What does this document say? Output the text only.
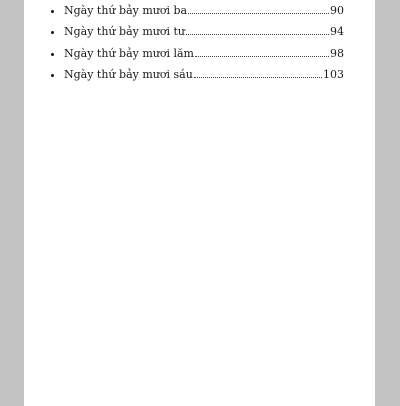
Ngày thứ bảy mươi ba	90
Ngày thứ bảy mươi tư	94
Ngày thứ bảy mươi lăm	98
Ngày thứ bảy mươi sáu	103
